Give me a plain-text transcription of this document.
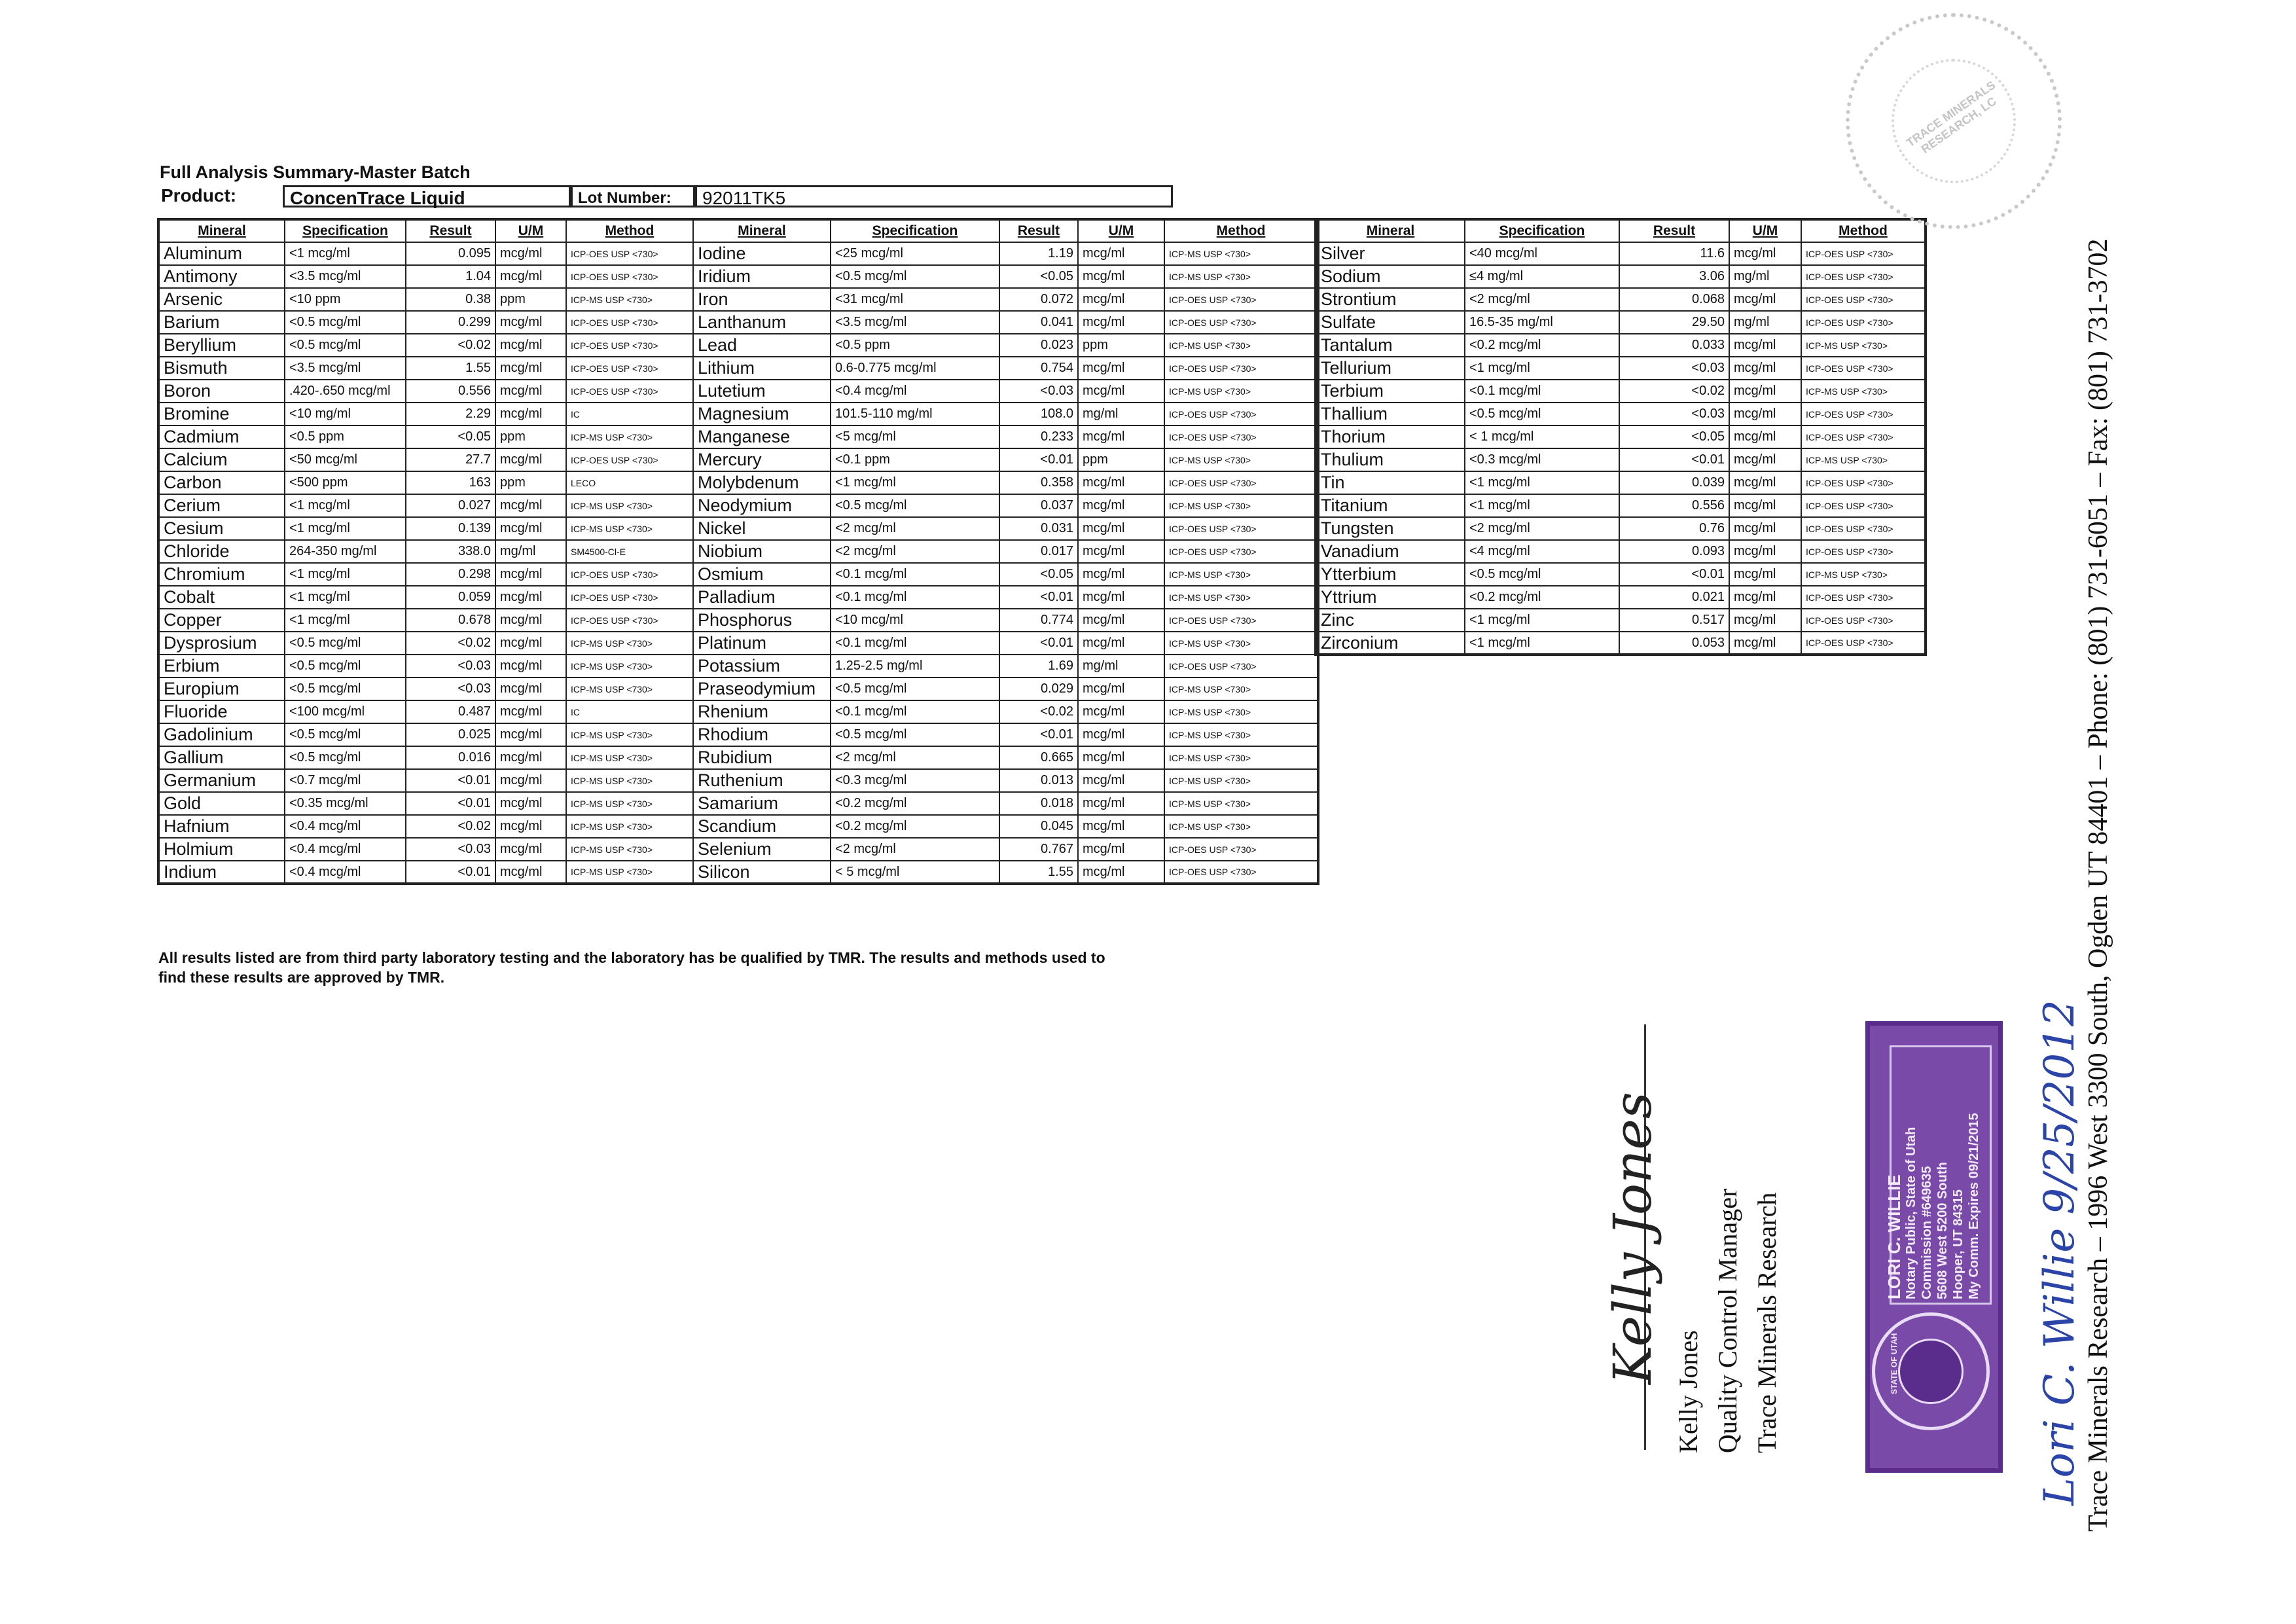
Full Analysis Summary-Master Batch
Product:	ConcenTrace Liquid	Lot Number:	92011TK5
Mineral	Specification	Result	U/M	Method	Mineral	Specification	Result	U/M	Method
Aluminum	<1 mcg/ml	0.095	mcg/ml	ICP-OES USP <730>	Iodine	<25 mcg/ml	1.19	mcg/ml	ICP-MS USP <730>
Antimony	<3.5 mcg/ml	1.04	mcg/ml	ICP-OES USP <730>	Iridium	<0.5 mcg/ml	<0.05	mcg/ml	ICP-MS USP <730>
Arsenic	<10 ppm	0.38	ppm	ICP-MS USP <730>	Iron	<31 mcg/ml	0.072	mcg/ml	ICP-OES USP <730>
Barium	<0.5 mcg/ml	0.299	mcg/ml	ICP-OES USP <730>	Lanthanum	<3.5 mcg/ml	0.041	mcg/ml	ICP-OES USP <730>
Beryllium	<0.5 mcg/ml	<0.02	mcg/ml	ICP-OES USP <730>	Lead	<0.5 ppm	0.023	ppm	ICP-MS USP <730>
Bismuth	<3.5 mcg/ml	1.55	mcg/ml	ICP-OES USP <730>	Lithium	0.6-0.775 mcg/ml	0.754	mcg/ml	ICP-OES USP <730>
Boron	.420-.650 mcg/ml	0.556	mcg/ml	ICP-OES USP <730>	Lutetium	<0.4 mcg/ml	<0.03	mcg/ml	ICP-MS USP <730>
Bromine	<10 mg/ml	2.29	mcg/ml	IC	Magnesium	101.5-110 mg/ml	108.0	mg/ml	ICP-OES USP <730>
Cadmium	<0.5 ppm	<0.05	ppm	ICP-MS USP <730>	Manganese	<5 mcg/ml	0.233	mcg/ml	ICP-OES USP <730>
Calcium	<50 mcg/ml	27.7	mcg/ml	ICP-OES USP <730>	Mercury	<0.1 ppm	<0.01	ppm	ICP-MS USP <730>
Carbon	<500 ppm	163	ppm	LECO	Molybdenum	<1 mcg/ml	0.358	mcg/ml	ICP-OES USP <730>
Cerium	<1 mcg/ml	0.027	mcg/ml	ICP-MS USP <730>	Neodymium	<0.5 mcg/ml	0.037	mcg/ml	ICP-MS USP <730>
Cesium	<1 mcg/ml	0.139	mcg/ml	ICP-MS USP <730>	Nickel	<2 mcg/ml	0.031	mcg/ml	ICP-OES USP <730>
Chloride	264-350 mg/ml	338.0	mg/ml	SM4500-Cl-E	Niobium	<2 mcg/ml	0.017	mcg/ml	ICP-OES USP <730>
Chromium	<1 mcg/ml	0.298	mcg/ml	ICP-OES USP <730>	Osmium	<0.1 mcg/ml	<0.05	mcg/ml	ICP-MS USP <730>
Cobalt	<1 mcg/ml	0.059	mcg/ml	ICP-OES USP <730>	Palladium	<0.1 mcg/ml	<0.01	mcg/ml	ICP-MS USP <730>
Copper	<1 mcg/ml	0.678	mcg/ml	ICP-OES USP <730>	Phosphorus	<10 mcg/ml	0.774	mcg/ml	ICP-OES USP <730>
Dysprosium	<0.5 mcg/ml	<0.02	mcg/ml	ICP-MS USP <730>	Platinum	<0.1 mcg/ml	<0.01	mcg/ml	ICP-MS USP <730>
Erbium	<0.5 mcg/ml	<0.03	mcg/ml	ICP-MS USP <730>	Potassium	1.25-2.5 mg/ml	1.69	mg/ml	ICP-OES USP <730>
Europium	<0.5 mcg/ml	<0.03	mcg/ml	ICP-MS USP <730>	Praseodymium	<0.5 mcg/ml	0.029	mcg/ml	ICP-MS USP <730>
Fluoride	<100 mcg/ml	0.487	mcg/ml	IC	Rhenium	<0.1 mcg/ml	<0.02	mcg/ml	ICP-MS USP <730>
Gadolinium	<0.5 mcg/ml	0.025	mcg/ml	ICP-MS USP <730>	Rhodium	<0.5 mcg/ml	<0.01	mcg/ml	ICP-MS USP <730>
Gallium	<0.5 mcg/ml	0.016	mcg/ml	ICP-MS USP <730>	Rubidium	<2 mcg/ml	0.665	mcg/ml	ICP-MS USP <730>
Germanium	<0.7 mcg/ml	<0.01	mcg/ml	ICP-MS USP <730>	Ruthenium	<0.3 mcg/ml	0.013	mcg/ml	ICP-MS USP <730>
Gold	<0.35 mcg/ml	<0.01	mcg/ml	ICP-MS USP <730>	Samarium	<0.2 mcg/ml	0.018	mcg/ml	ICP-MS USP <730>
Hafnium	<0.4 mcg/ml	<0.02	mcg/ml	ICP-MS USP <730>	Scandium	<0.2 mcg/ml	0.045	mcg/ml	ICP-MS USP <730>
Holmium	<0.4 mcg/ml	<0.03	mcg/ml	ICP-MS USP <730>	Selenium	<2 mcg/ml	0.767	mcg/ml	ICP-OES USP <730>
Indium	<0.4 mcg/ml	<0.01	mcg/ml	ICP-MS USP <730>	Silicon	< 5 mcg/ml	1.55	mcg/ml	ICP-OES USP <730>
Mineral	Specification	Result	U/M	Method
Silver	<40 mcg/ml	11.6	mcg/ml	ICP-OES USP <730>
Sodium	≤4 mg/ml	3.06	mg/ml	ICP-OES USP <730>
Strontium	<2 mcg/ml	0.068	mcg/ml	ICP-OES USP <730>
Sulfate	16.5-35 mg/ml	29.50	mg/ml	ICP-OES USP <730>
Tantalum	<0.2 mcg/ml	0.033	mcg/ml	ICP-MS USP <730>
Tellurium	<1 mcg/ml	<0.03	mcg/ml	ICP-OES USP <730>
Terbium	<0.1 mcg/ml	<0.02	mcg/ml	ICP-MS USP <730>
Thallium	<0.5 mcg/ml	<0.03	mcg/ml	ICP-OES USP <730>
Thorium	< 1 mcg/ml	<0.05	mcg/ml	ICP-OES USP <730>
Thulium	<0.3 mcg/ml	<0.01	mcg/ml	ICP-MS USP <730>
Tin	<1 mcg/ml	0.039	mcg/ml	ICP-OES USP <730>
Titanium	<1 mcg/ml	0.556	mcg/ml	ICP-OES USP <730>
Tungsten	<2 mcg/ml	0.76	mcg/ml	ICP-OES USP <730>
Vanadium	<4 mcg/ml	0.093	mcg/ml	ICP-OES USP <730>
Ytterbium	<0.5 mcg/ml	<0.01	mcg/ml	ICP-MS USP <730>
Yttrium	<0.2 mcg/ml	0.021	mcg/ml	ICP-OES USP <730>
Zinc	<1 mcg/ml	0.517	mcg/ml	ICP-OES USP <730>
Zirconium	<1 mcg/ml	0.053	mcg/ml	ICP-OES USP <730>
All results listed are from third party laboratory testing and the laboratory has be qualified by TMR. The results and methods used to find these results are approved by TMR.
Kelly Jones
Kelly Jones Quality Control Manager Trace Minerals Research	STATE OF UTAH
LORI C. WILLIE Notary Public, State of Utah Commission #649635 5608 West 5200 South Hooper, UT 84315 My Comm. Expires 09/21/2015 Lori C. Willie 9/25/2012
TRACE MINERALS RESEARCH, LC
Trace Minerals Research – 1996 West 3300 South, Ogden UT 84401 – Phone: (801) 731-6051 – Fax: (801) 731-3702
